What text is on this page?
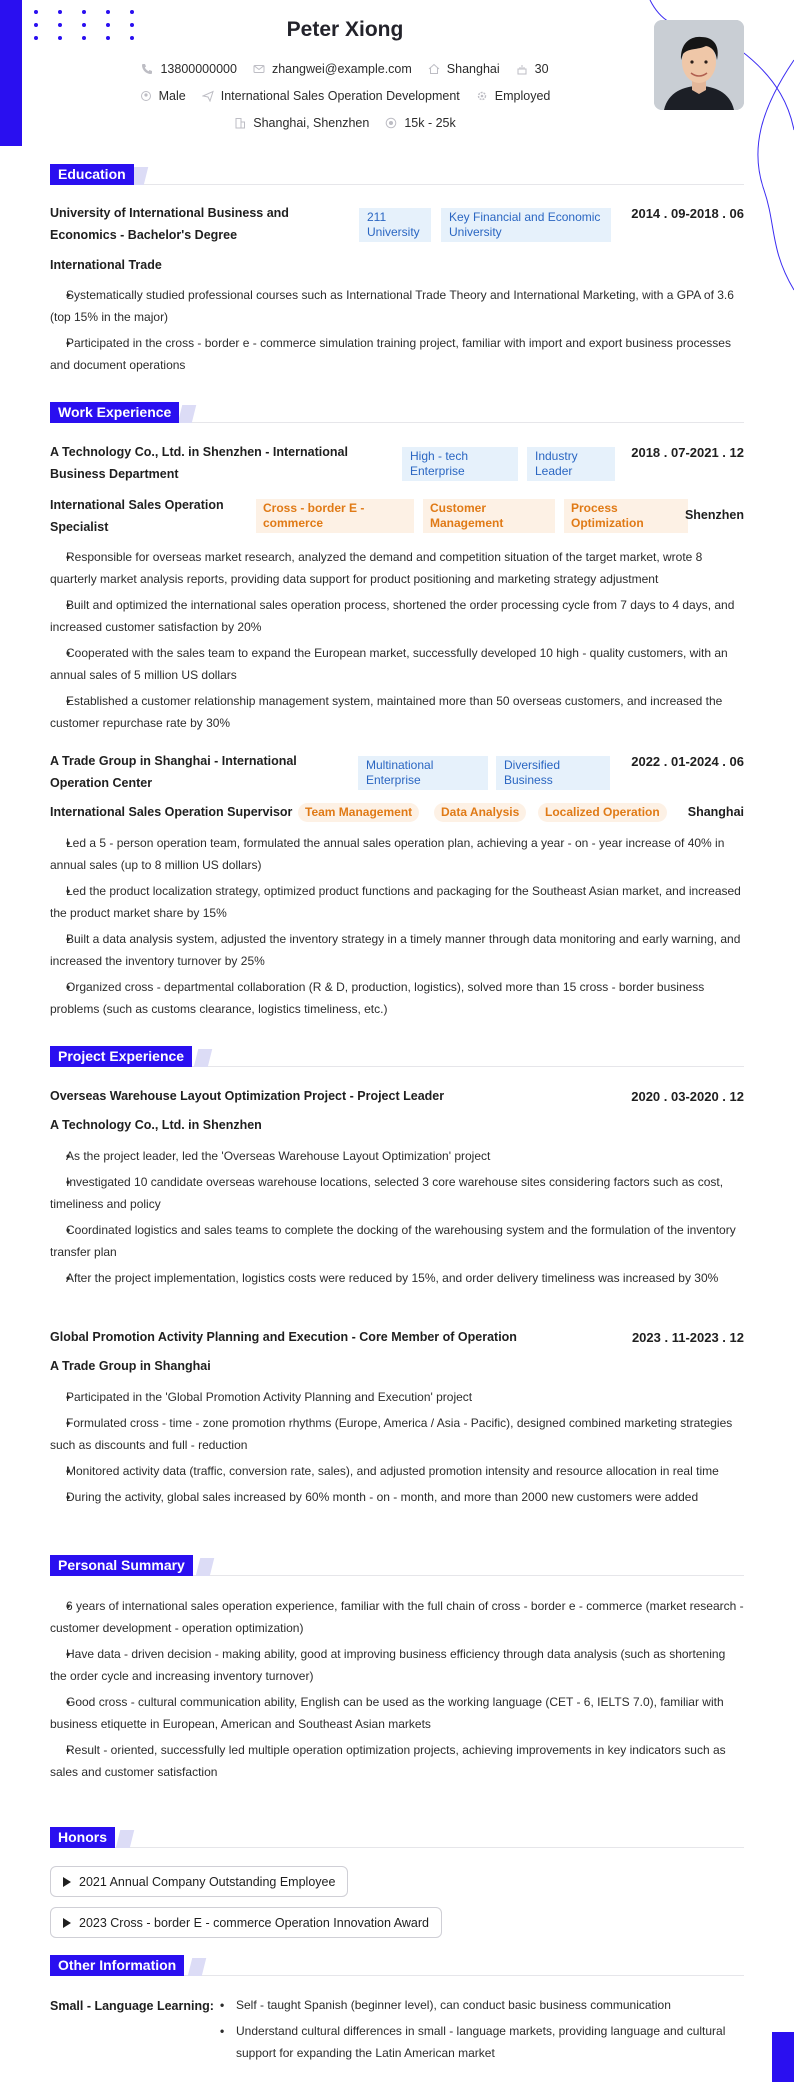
Peter Xiong
13800000000	zhangwei@example.com	Shanghai	30
Male	International Sales Operation Development	Employed
Shanghai, Shenzhen	15k - 25k
Education
University of International Business and Economics - Bachelor's Degree
211 University
Key Financial and Economic University
2014 . 09-2018 . 06
International Trade
• Systematically studied professional courses such as International Trade Theory and International Marketing, with a GPA of 3.6 (top 15% in the major)
• Participated in the cross - border e - commerce simulation training project, familiar with import and export business processes and document operations
Work Experience
A Technology Co., Ltd. in Shenzhen - International Business Department
High - tech Enterprise
Industry Leader
2018 . 07-2021 . 12
International Sales Operation Specialist
Cross - border E - commerce
Customer Management
Process Optimization
Shenzhen
• Responsible for overseas market research, analyzed the demand and competition situation of the target market, wrote 8 quarterly market analysis reports, providing data support for product positioning and marketing strategy adjustment
• Built and optimized the international sales operation process, shortened the order processing cycle from 7 days to 4 days, and increased customer satisfaction by 20%
• Cooperated with the sales team to expand the European market, successfully developed 10 high - quality customers, with an annual sales of 5 million US dollars
• Established a customer relationship management system, maintained more than 50 overseas customers, and increased the customer repurchase rate by 30%
A Trade Group in Shanghai - International Operation Center
Multinational Enterprise
Diversified Business
2022 . 01-2024 . 06
International Sales Operation Supervisor	Team Management	Data Analysis	Localized Operation	Shanghai
• Led a 5 - person operation team, formulated the annual sales operation plan, achieving a year - on - year increase of 40% in annual sales (up to 8 million US dollars)
• Led the product localization strategy, optimized product functions and packaging for the Southeast Asian market, and increased the product market share by 15%
• Built a data analysis system, adjusted the inventory strategy in a timely manner through data monitoring and early warning, and increased the inventory turnover by 25%
• Organized cross - departmental collaboration (R & D, production, logistics), solved more than 15 cross - border business problems (such as customs clearance, logistics timeliness, etc.)
Project Experience
Overseas Warehouse Layout Optimization Project - Project Leader	2020 . 03-2020 . 12
A Technology Co., Ltd. in Shenzhen
• As the project leader, led the 'Overseas Warehouse Layout Optimization' project
• Investigated 10 candidate overseas warehouse locations, selected 3 core warehouse sites considering factors such as cost, timeliness and policy
• Coordinated logistics and sales teams to complete the docking of the warehousing system and the formulation of the inventory transfer plan
• After the project implementation, logistics costs were reduced by 15%, and order delivery timeliness was increased by 30%
Global Promotion Activity Planning and Execution - Core Member of Operation	2023 . 11-2023 . 12
A Trade Group in Shanghai
• Participated in the 'Global Promotion Activity Planning and Execution' project
• Formulated cross - time - zone promotion rhythms (Europe, America / Asia - Pacific), designed combined marketing strategies such as discounts and full - reduction
• Monitored activity data (traffic, conversion rate, sales), and adjusted promotion intensity and resource allocation in real time
• During the activity, global sales increased by 60% month - on - month, and more than 2000 new customers were added
Personal Summary
• 6 years of international sales operation experience, familiar with the full chain of cross - border e - commerce (market research - customer development - operation optimization)
• Have data - driven decision - making ability, good at improving business efficiency through data analysis (such as shortening the order cycle and increasing inventory turnover)
• Good cross - cultural communication ability, English can be used as the working language (CET - 6, IELTS 7.0), familiar with business etiquette in European, American and Southeast Asian markets
• Result - oriented, successfully led multiple operation optimization projects, achieving improvements in key indicators such as sales and customer satisfaction
Honors
2021 Annual Company Outstanding Employee
2023 Cross - border E - commerce Operation Innovation Award
Other Information
Small - Language Learning:
•	Self - taught Spanish (beginner level), can conduct basic business communication
• Understand cultural differences in small - language markets, providing language and cultural support for expanding the Latin American market
